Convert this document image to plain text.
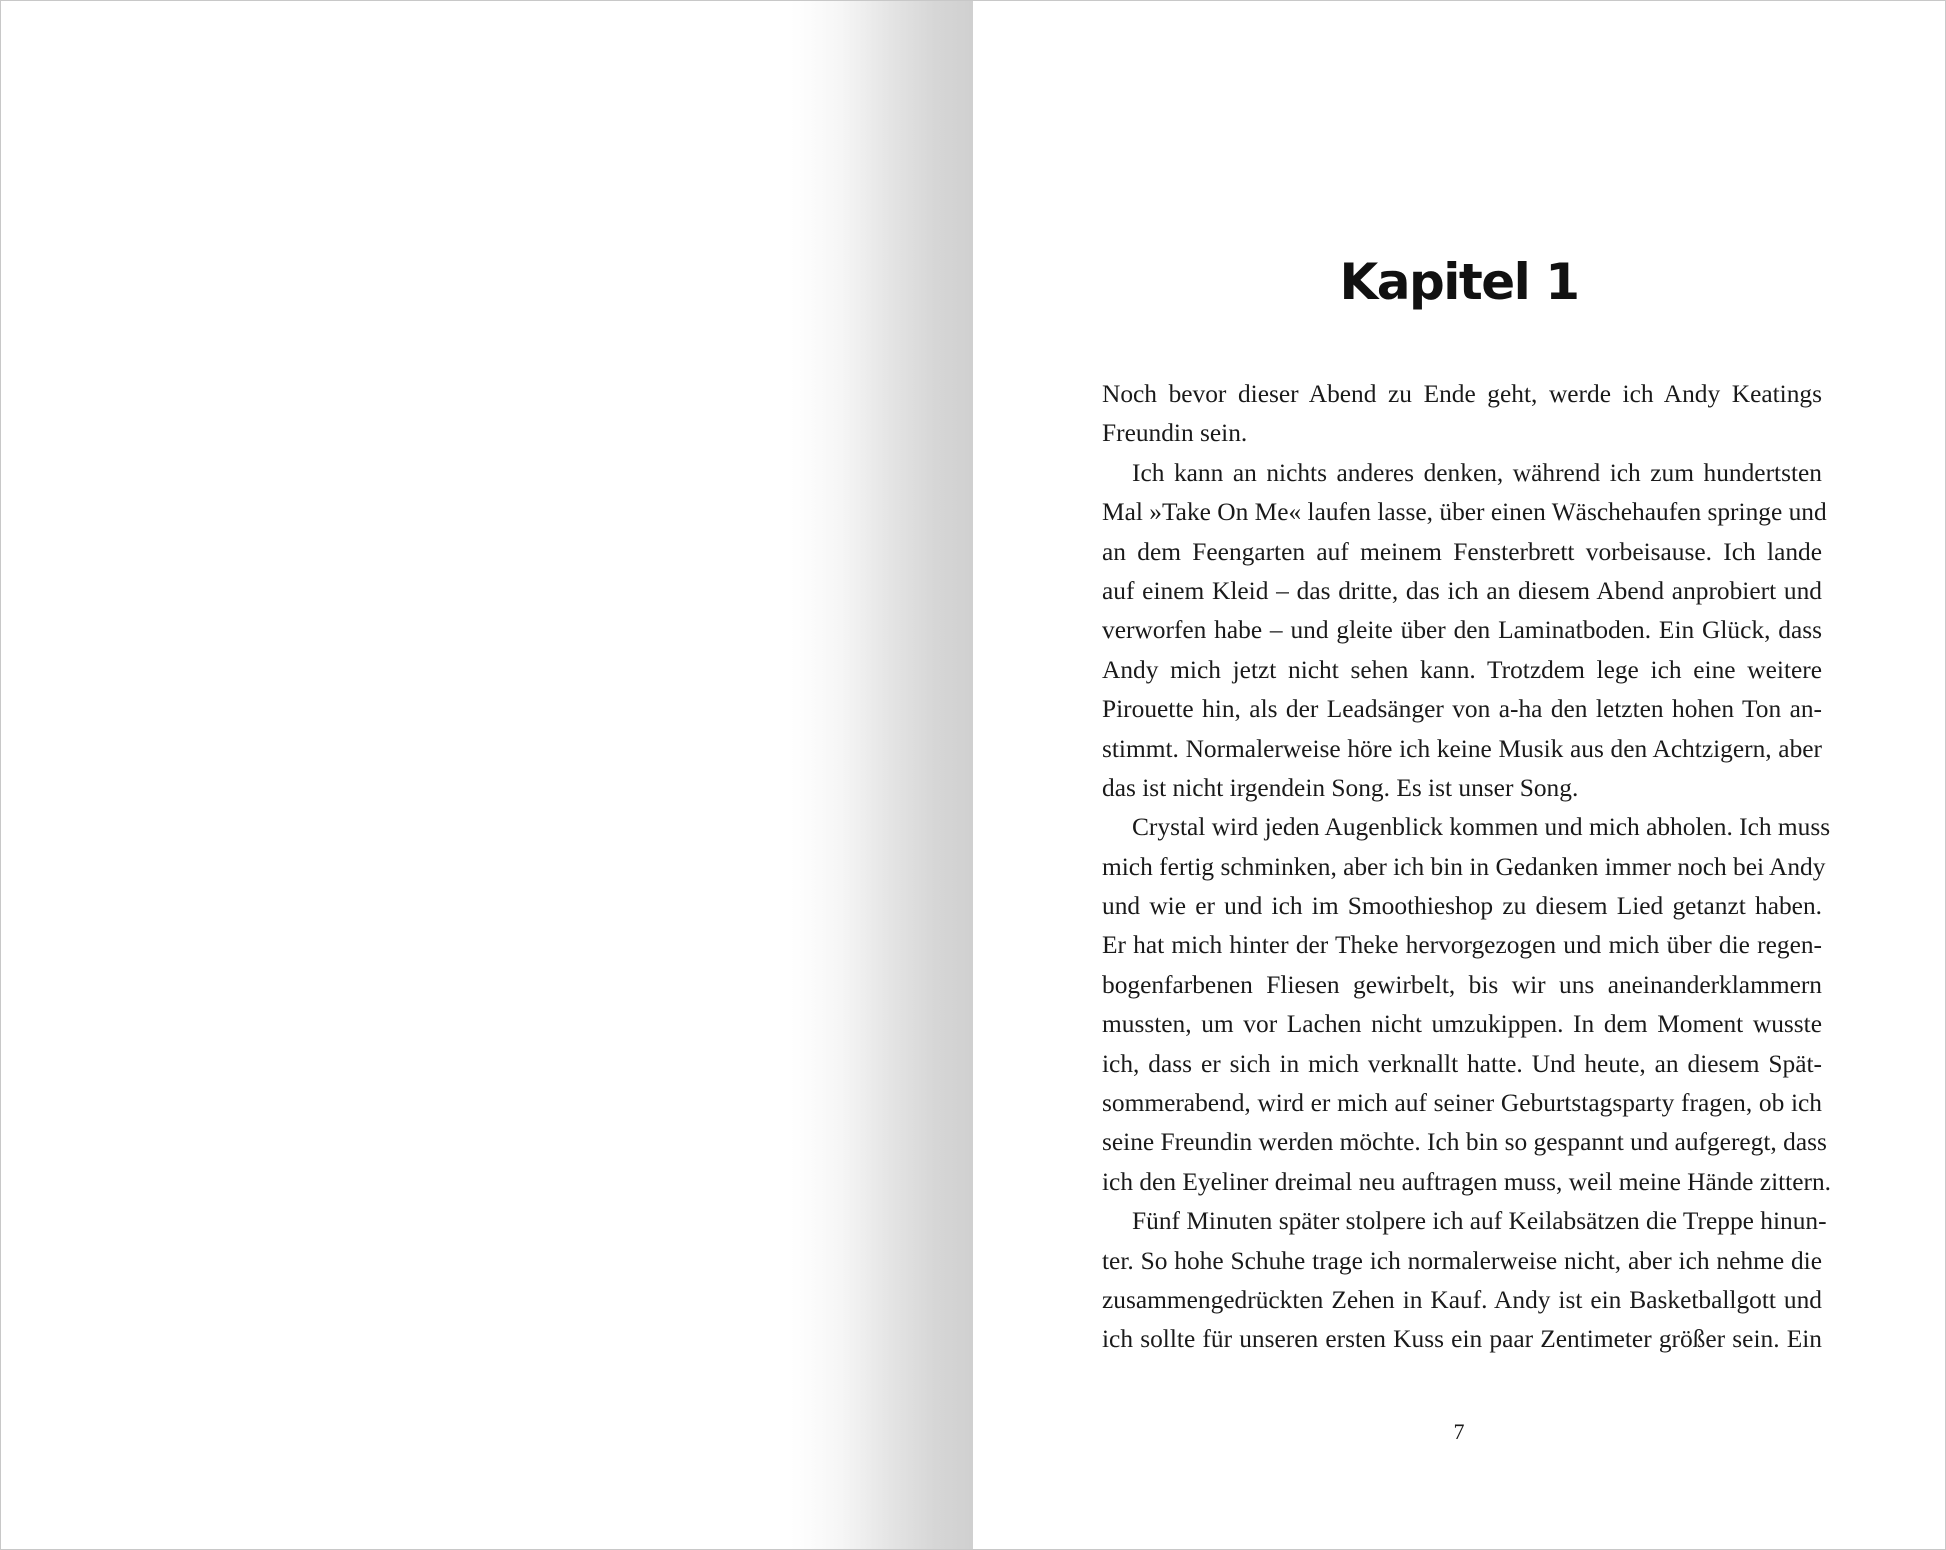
Kapitel 1
Noch bevor dieser Abend zu Ende geht, werde ich Andy Keatings
Freundin sein.
Ich kann an nichts anderes denken, während ich zum hundertsten
Mal »Take On Me« laufen lasse, über einen Wäschehaufen springe und
an dem Feengarten auf meinem Fensterbrett vorbeisause. Ich lande
auf einem Kleid – das dritte, das ich an diesem Abend anprobiert und
verworfen habe – und gleite über den Laminatboden. Ein Glück, dass
Andy mich jetzt nicht sehen kann. Trotzdem lege ich eine weitere
Pirouette hin, als der Leadsänger von a-ha den letzten hohen Ton an-
stimmt. Normalerweise höre ich keine Musik aus den Achtzigern, aber
das ist nicht irgendein Song. Es ist unser Song.
Crystal wird jeden Augenblick kommen und mich abholen. Ich muss
mich fertig schminken, aber ich bin in Gedanken immer noch bei Andy
und wie er und ich im Smoothieshop zu diesem Lied getanzt haben.
Er hat mich hinter der Theke hervorgezogen und mich über die regen-
bogenfarbenen Fliesen gewirbelt, bis wir uns aneinanderklammern
mussten, um vor Lachen nicht umzukippen. In dem Moment wusste
ich, dass er sich in mich verknallt hatte. Und heute, an diesem Spät-
sommerabend, wird er mich auf seiner Geburtstagsparty fragen, ob ich
seine Freundin werden möchte. Ich bin so gespannt und aufgeregt, dass
ich den Eyeliner dreimal neu auftragen muss, weil meine Hände zittern.
Fünf Minuten später stolpere ich auf Keilabsätzen die Treppe hinun-
ter. So hohe Schuhe trage ich normalerweise nicht, aber ich nehme die
zusammengedrückten Zehen in Kauf. Andy ist ein Basketballgott und
ich sollte für unseren ersten Kuss ein paar Zentimeter größer sein. Ein
7
